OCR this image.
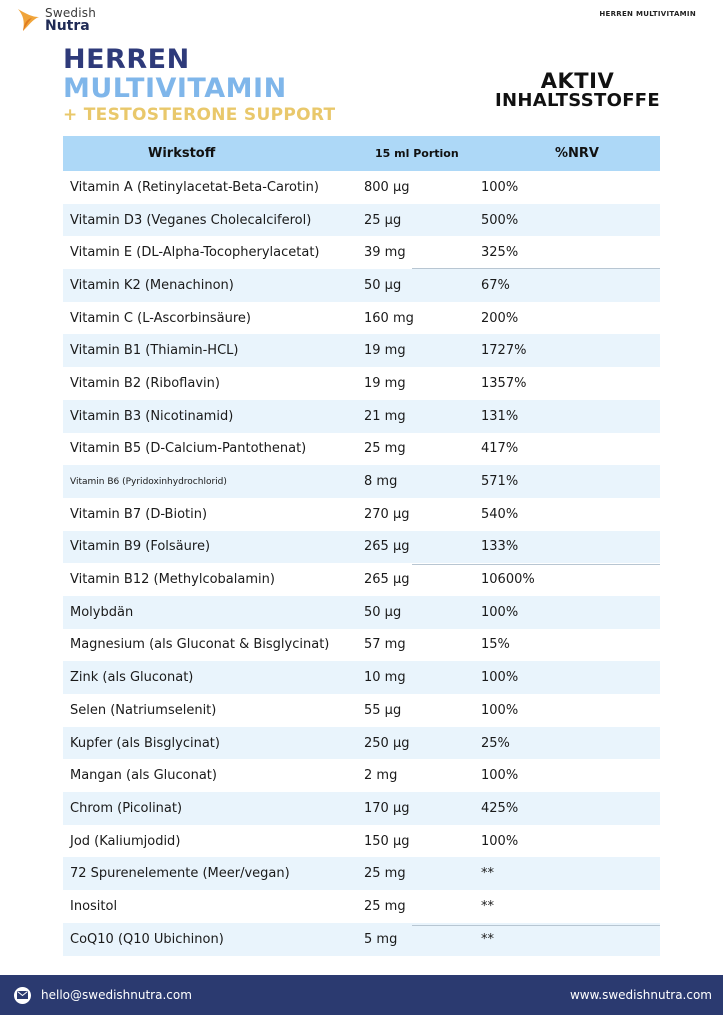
Swedish
Nutra
HERREN MULTIVITAMIN
HERREN
MULTIVITAMIN
+ TESTOSTERONE SUPPORT
AKTIV
INHALTSSTOFFE
Wirkstoff	15 ml Portion	%NRV
Vitamin A (Retinylacetat-Beta-Carotin)	800 µg	100%
Vitamin D3 (Veganes Cholecalciferol)	25 µg	500%
Vitamin E (DL-Alpha-Tocopherylacetat)	39 mg	325%
Vitamin K2 (Menachinon)	50 µg	67%
Vitamin C (L-Ascorbinsäure)	160 mg	200%
Vitamin B1 (Thiamin-HCL)	19 mg	1727%
Vitamin B2 (Riboflavin)	19 mg	1357%
Vitamin B3 (Nicotinamid)	21 mg	131%
Vitamin B5 (D-Calcium-Pantothenat)	25 mg	417%
Vitamin B6 (Pyridoxinhydrochlorid)	8 mg	571%
Vitamin B7 (D-Biotin)	270 µg	540%
Vitamin B9 (Folsäure)	265 µg	133%
Vitamin B12 (Methylcobalamin)	265 µg	10600%
Molybdän	50 µg	100%
Magnesium (als Gluconat & Bisglycinat)	57 mg	15%
Zink (als Gluconat)	10 mg	100%
Selen (Natriumselenit)	55 µg	100%
Kupfer (als Bisglycinat)	250 µg	25%
Mangan (als Gluconat)	2 mg	100%
Chrom (Picolinat)	170 µg	425%
Jod (Kaliumjodid)	150 µg	100%
72 Spurenelemente (Meer/vegan)	25 mg	**
Inositol	25 mg	**
CoQ10 (Q10 Ubichinon)	5 mg	**
hello@swedishnutra.com	www.swedishnutra.com
